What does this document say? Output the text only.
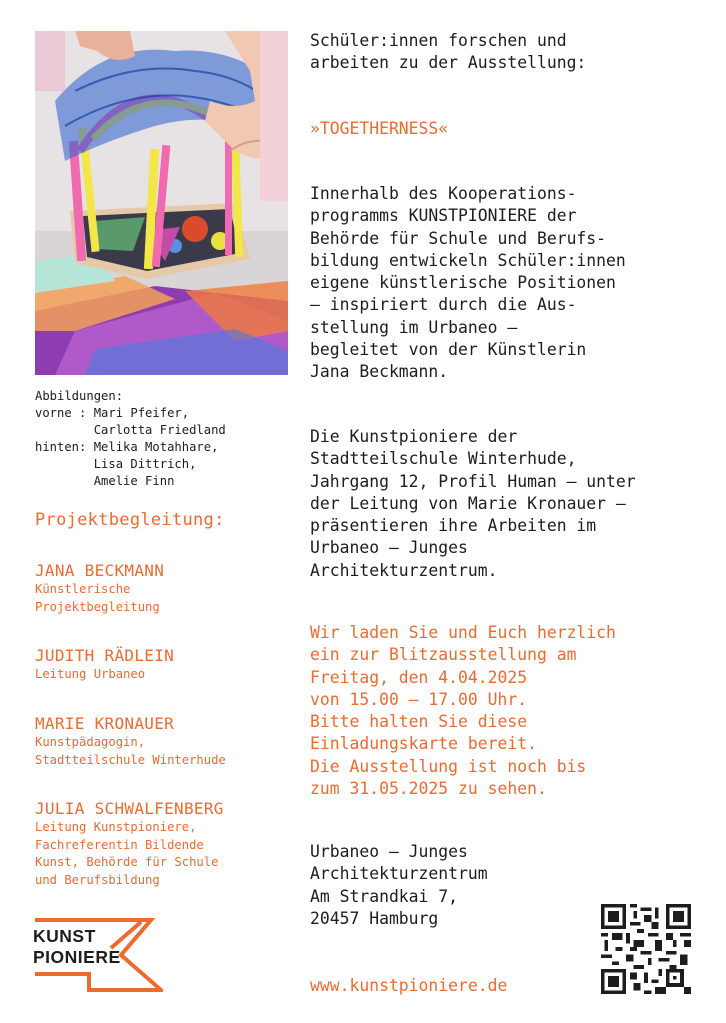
Abbildungen:
vorne : Mari Pfeifer,
Carlotta Friedland
hinten: Melika Motahhare,
Lisa Dittrich,
Amelie Finn
Projektbegleitung:
JANA BECKMANN
Künstlerische
Projektbegleitung
JUDITH RÄDLEIN
Leitung Urbaneo
MARIE KRONAUER
Kunstpädagogin,
Stadtteilschule Winterhude
JULIA SCHWALFENBERG
Leitung Kunstpioniere,
Fachreferentin Bildende
Kunst, Behörde für Schule
und Berufsbildung
KUNST
PIONIERE
Schüler:innen forschen und
arbeiten zu der Ausstellung:
»TOGETHERNESS«
Innerhalb des Kooperations-
programms KUNSTPIONIERE der
Behörde für Schule und Berufs-
bildung entwickeln Schüler:innen
eigene künstlerische Positionen
– inspiriert durch die Aus-
stellung im Urbaneo –
begleitet von der Künstlerin
Jana Beckmann.
Die Kunstpioniere der
Stadtteilschule Winterhude,
Jahrgang 12, Profil Human – unter
der Leitung von Marie Kronauer –
präsentieren ihre Arbeiten im
Urbaneo – Junges
Architekturzentrum.
Wir laden Sie und Euch herzlich
ein zur Blitzausstellung am
Freitag, den 4.04.2025
von 15.00 – 17.00 Uhr.
Bitte halten Sie diese
Einladungskarte bereit.
Die Ausstellung ist noch bis
zum 31.05.2025 zu sehen.
Urbaneo – Junges
Architekturzentrum
Am Strandkai 7,
20457 Hamburg
www.kunstpioniere.de
